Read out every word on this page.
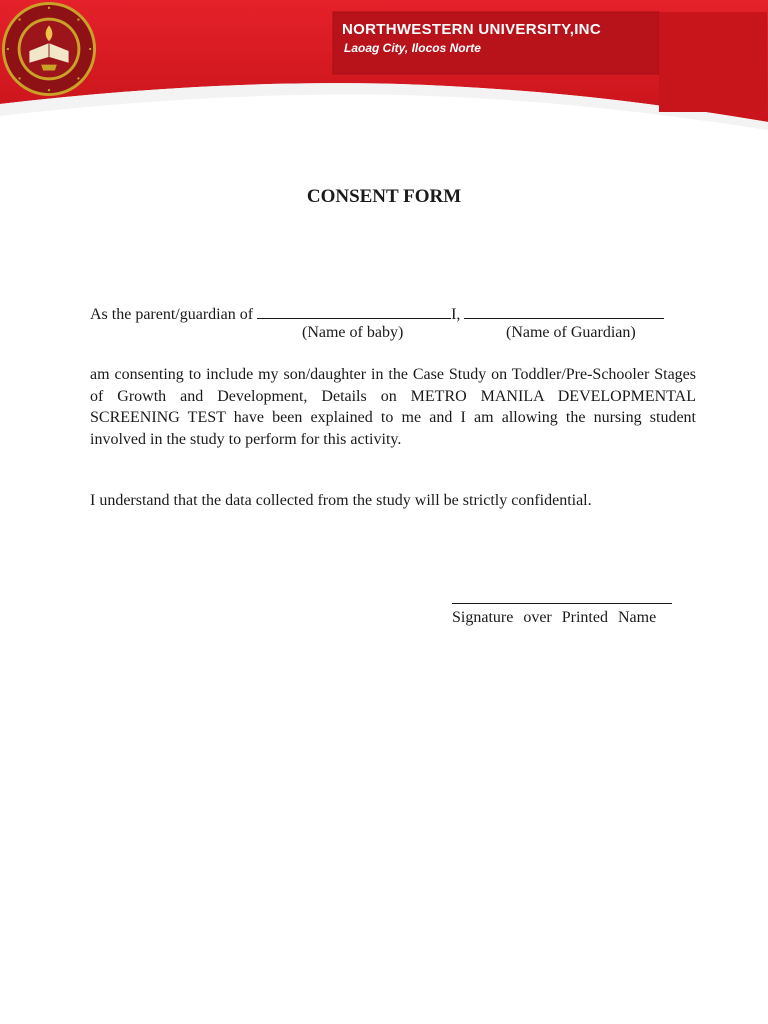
NORTHWESTERN UNIVERSITY,INC
Laoag City, Ilocos Norte
CONSENT FORM
As the parent/guardian of	I,
(Name of baby)	(Name of Guardian)

am consenting to include my son/daughter in the Case Study on Toddler/Pre-Schooler Stages of Growth and Development, Details on METRO MANILA DEVELOPMENTAL SCREENING TEST have been explained to me and I am allowing the nursing student involved in the study to perform for this activity.

I understand that the data collected from the study will be strictly confidential.

Signature over Printed Name
